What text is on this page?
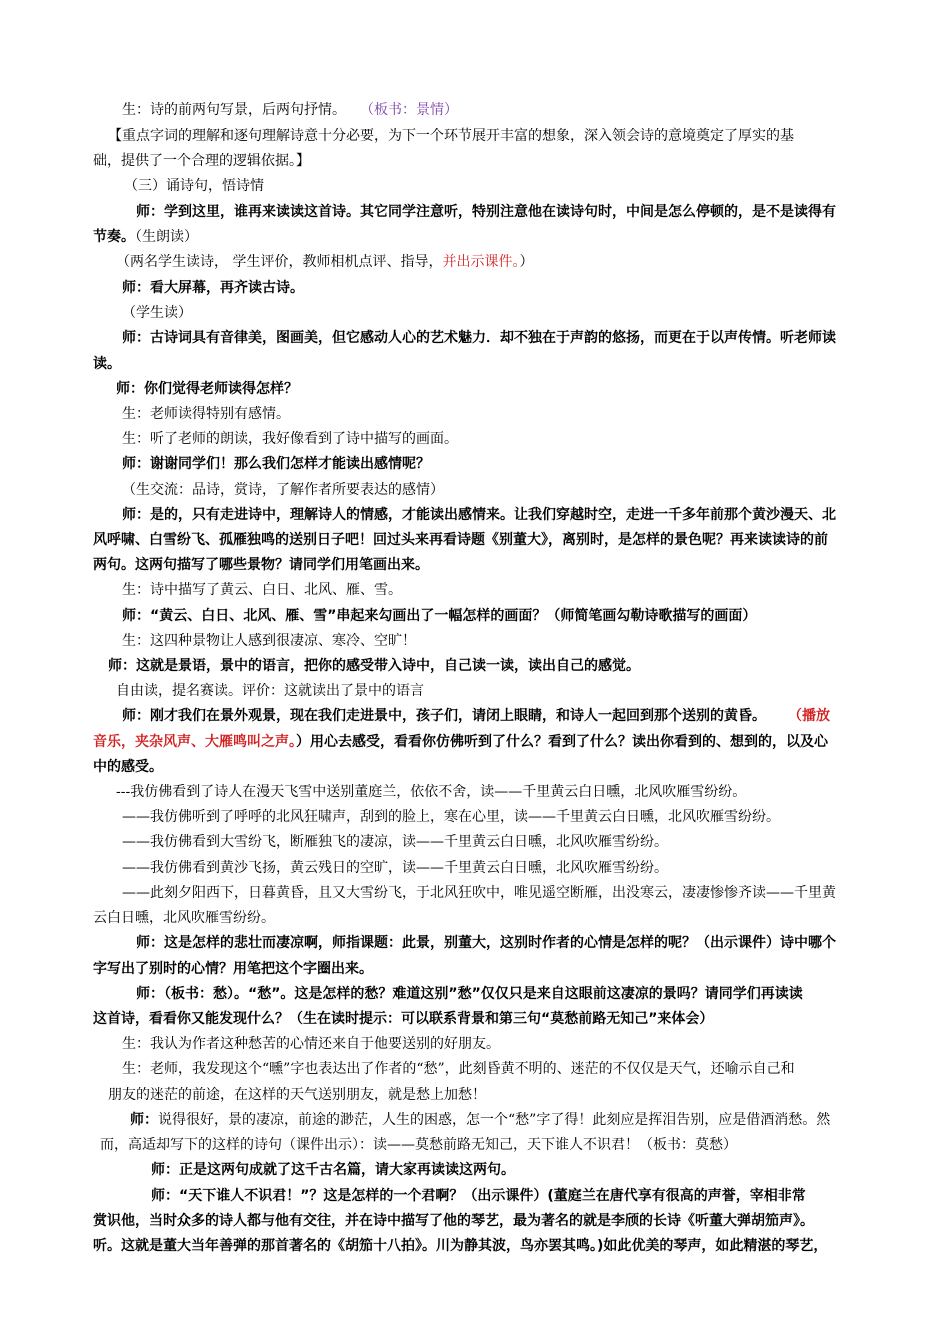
生：诗的前两句写景，后两句抒情。 （板书：景情）
【重点字词的理解和逐句理解诗意十分必要，为下一个环节展开丰富的想象，深入领会诗的意境奠定了厚实的基
础，提供了一个合理的逻辑依据。】
（三）诵诗句，悟诗情
师：学到这里，谁再来读读这首诗。其它同学注意听，特别注意他在读诗句时，中间是怎么停顿的，是不是读得有
节奏。（生朗读）
（两名学生读诗， 学生评价，教师相机点评、指导，并出示课件。）
师：看大屏幕，再齐读古诗。
（学生读）
师：古诗词具有音律美，图画美，但它感动人心的艺术魅力．却不独在于声韵的悠扬，而更在于以声传情。听老师读
读。
师：你们觉得老师读得怎样？
生：老师读得特别有感情。
生：听了老师的朗读，我好像看到了诗中描写的画面。
师：谢谢同学们！那么我们怎样才能读出感情呢？
（生交流：品诗，赏诗，了解作者所要表达的感情）
师：是的，只有走进诗中，理解诗人的情感，才能读出感情来。让我们穿越时空，走进一千多年前那个黄沙漫天、北
风呼啸、白雪纷飞、孤雁独鸣的送别日子吧！回过头来再看诗题《别董大》，离别时，是怎样的景色呢？再来读读诗的前
两句。这两句描写了哪些景物？请同学们用笔画出来。
生：诗中描写了黄云、白日、北风、雁、雪。
师：“黄云、白日、北风、雁、雪”串起来勾画出了一幅怎样的画面？（师简笔画勾勒诗歌描写的画面）
生：这四种景物让人感到很凄凉、寒冷、空旷！
师：这就是景语，景中的语言，把你的感受带入诗中，自己读一读，读出自己的感觉。
自由读，提名赛读。评价：这就读出了景中的语言
师：刚才我们在景外观景，现在我们走进景中，孩子们，请闭上眼睛，和诗人一起回到那个送别的黄昏。 （播放
音乐，夹杂风声、大雁鸣叫之声。）用心去感受，看看你仿佛听到了什么？看到了什么？读出你看到的、想到的，以及心
中的感受。
---我仿佛看到了诗人在漫天飞雪中送别董庭兰，依依不舍，读——千里黄云白日曛，北风吹雁雪纷纷。
——我仿佛听到了呼呼的北风狂啸声，刮到的脸上，寒在心里，读——千里黄云白日曛，北风吹雁雪纷纷。
——我仿佛看到大雪纷飞，断雁独飞的凄凉，读——千里黄云白日曛，北风吹雁雪纷纷。
——我仿佛看到黄沙飞扬，黄云残日的空旷，读——千里黄云白日曛，北风吹雁雪纷纷。
——此刻夕阳西下，日暮黄昏，且又大雪纷飞，于北风狂吹中，唯见遥空断雁，出没寒云，凄凄惨惨齐读——千里黄
云白日曛，北风吹雁雪纷纷。
师：这是怎样的悲壮而凄凉啊，师指课题：此景，别董大，这别时作者的心情是怎样的呢？（出示课件）诗中哪个
字写出了别时的心情？用笔把这个字圈出来。
师：（板书：愁）。“愁”。这是怎样的愁？难道这别”愁”仅仅只是来自这眼前这凄凉的景吗？请同学们再读读
这首诗，看看你又能发现什么？（生在读时提示：可以联系背景和第三句“莫愁前路无知己”来体会）
生：我认为作者这种愁苦的心情还来自于他要送别的好朋友。
生：老师，我发现这个“曛”字也表达出了作者的“愁”，此刻昏黄不明的、迷茫的不仅仅是天气，还喻示自己和
朋友的迷茫的前途，在这样的天气送别朋友，就是愁上加愁！
师：说得很好，景的凄凉，前途的渺茫，人生的困惑，怎一个“愁”字了得！此刻应是挥泪告别，应是借酒消愁。然
而，高适却写下的这样的诗句（课件出示）：读——莫愁前路无知己，天下谁人不识君！（板书：莫愁）
师：正是这两句成就了这千古名篇，请大家再读读这两句。
师：“天下谁人不识君！”？这是怎样的一个君啊？（出示课件）(董庭兰在唐代享有很高的声誉，宰相非常
赏识他，当时众多的诗人都与他有交往，并在诗中描写了他的琴艺，最为著名的就是李颀的长诗《听董大弹胡笳声》。
听。这就是董大当年善弹的那首著名的《胡笳十八拍》。川为静其波，鸟亦罢其鸣。)如此优美的琴声，如此精湛的琴艺，
